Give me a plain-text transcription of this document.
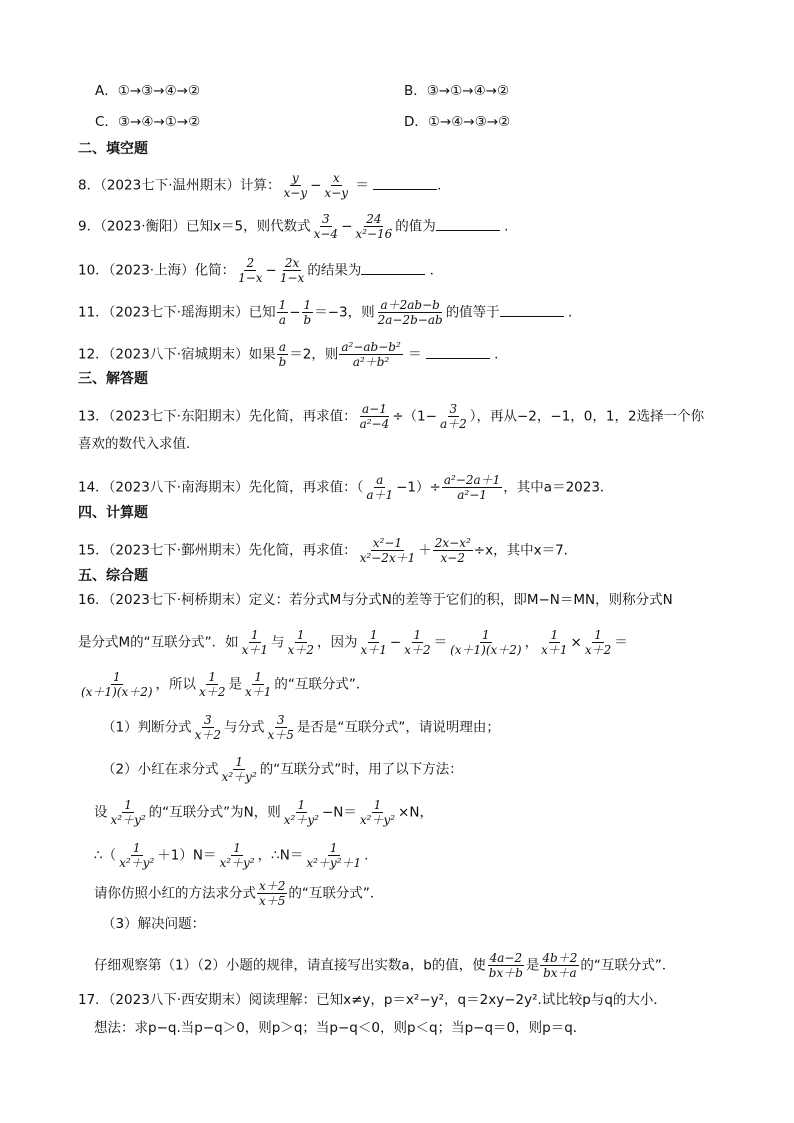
A．①→③→④→②	B．③→①→④→②
C．③→④→①→②	D．①→④→③→②
二、填空题
8．（2023七下·温州期末）计算： $\frac{y}{x-y} - \frac{x}{x-y}$ ＝	.
9．（2023·衡阳）已知x＝5，则代数式 $\frac{3}{x-4} - \frac{24}{\text{x²−16}}$ 的值为	.
10．（2023·上海）化简： $\frac{2}{1-x} - \frac{2x}{1-x}$ 的结果为	.
11．（2023七下·瑶海期末）已知 $\frac{1}{a} - \frac{1}{b} =-3$，则 $\frac{a+2ab-b}{2a-2b-ab}$ 的值等于	.
12．（2023八下·宿城期末）如果 $\frac{a}{b} =2$，则 $\frac{\text{a²−ab−b²}}{\text{a²＋b²}}$ ＝	.
三、解答题
13．（2023七下·东阳期末）先化简，再求值： $\frac{a-1}{\text{a²−4}} \div(1- \frac{3}{a+2}$ ），再从−2，−1，0，1，2选择一个你
喜欢的数代入求值．
14．（2023八下·南海期末）先化简，再求值：（ $\frac{a}{a+1} -1)\div \frac{\text{a²−2a＋1}}{\text{a²−1}}$ ，其中a＝2023．
四、计算题
15．（2023七下·鄞州期末）先化简，再求值： $\frac{\text{x²−1}}{\text{x²−2x＋1}} + \frac{\text{2x−x²}}{x-2} \div x$，其中x＝7．
五、综合题
16．（2023七下·柯桥期末）定义：若分式M与分式N的差等于它们的积，即M−N＝MN，则称分式N
是分式M的“互联分式”．如 $\frac{1}{x+1}$ 与 $\frac{1}{x+2}$ ，因为 $\frac{1}{x+1} - \frac{1}{x+2} = \frac{1}{(x+1)(x+2)}$ ， $\frac{1}{x+1} \times \frac{1}{x+2}$ ＝
$\frac{1}{(x+1)(x+2)}$ ，所以 $\frac{1}{x+2}$ 是 $\frac{1}{x+1}$ 的“互联分式”．
（1）判断分式 $\frac{3}{x+2}$ 与分式 $\frac{3}{x+5}$ 是否是“互联分式”，请说明理由；
（2）小红在求分式 $\frac{1}{\text{x²＋y²}}$ 的“互联分式”时，用了以下方法：
设 $\frac{1}{\text{x²＋y²}}$ 的“互联分式”为N，则 $\frac{1}{\text{x²＋y²}} -N= \frac{1}{\text{x²＋y²}} \times N$，
∴（ $\frac{1}{\text{x²＋y²}} +1)N= \frac{1}{\text{x²＋y²}}$ ，∴N＝ $\frac{1}{\text{x²＋y²＋1}}$ .
请你仿照小红的方法求分式 $\frac{x+2}{x+5}$ 的“互联分式”．
（3）解决问题：
仔细观察第（1）（2）小题的规律，请直接写出实数a，b的值，使 $\frac{4a-2}{bx+b}$ 是 $\frac{4b+2}{bx+a}$ 的“互联分式”．
17．（2023八下·西安期末）阅读理解：已知x≠y，p＝x²−y²，q＝2xy−2y².试比较p与q的大小．
想法：求p−q.当p−q＞0，则p＞q；当p−q＜0，则p＜q；当p−q＝0，则p＝q．
